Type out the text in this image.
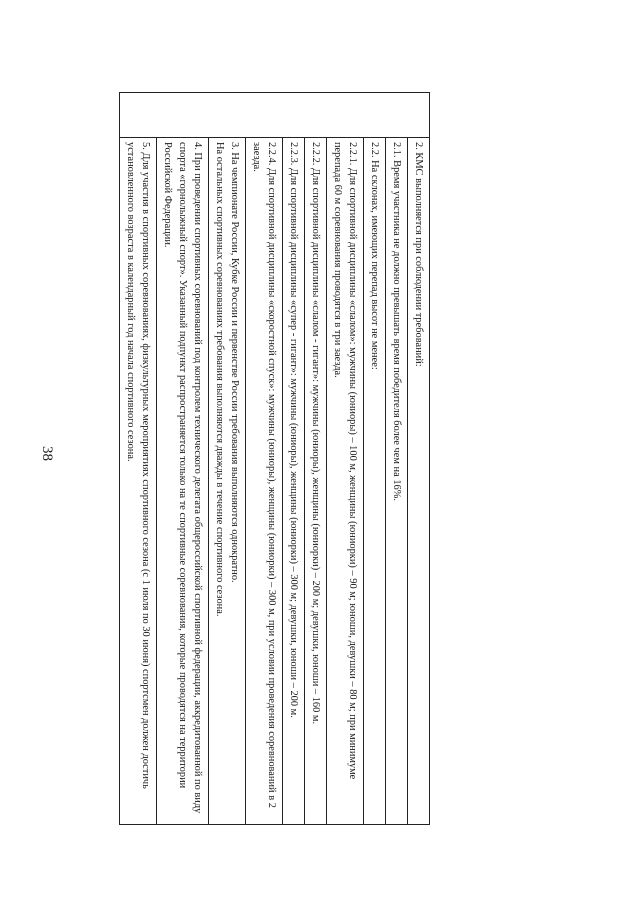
38

	2. КМС выполняется при соблюдении требований:

	2.1. Время участника не должно превышать время победителя более чем на 16%.

	2.2. На склонах, имеющих перепад высот не менее:

	2.2.1. Для спортивной дисциплины «слалом»: мужчины (юниоры) – 100 м, женщины (юниорки) – 90 м; юноши, девушки – 80 м; при минимуме перепада 60 м соревнования проводятся в три заезда.

	2.2.2. Для спортивной дисциплины «слалом - гигант»: мужчины (юниоры), женщины (юниорки) – 200 м; девушки, юноши – 160 м.

	2.2.3. Для спортивной дисциплины «супер - гигант»: мужчины (юниоры), женщины (юниорки) – 300 м; девушки, юноши – 200 м.

	2.2.4. Для спортивной дисциплины «скоростной спуск»: мужчины (юниоры), женщины (юниорки) – 300 м, при условии проведения соревнований в 2 заезда.

	3. На чемпионате России, Кубке России и первенстве России требования выполняются однократно.

На остальных спортивных соревнованиях требования выполняются дважды в течение спортивного сезона.

	4. При проведении спортивных соревнований под контролем технического делегата общероссийской спортивной федерации, аккредитованной по виду спорта «горнолыжный спорт». Указанный подпункт распространяется только на те спортивные соревнования, которые проводятся на территории Российской Федерации.

	5. Для участия в спортивных соревнованиях, физкультурных мероприятиях спортивного сезона (с 1 июля по 30 июня) спортсмен должен достичь установленного возраста в календарный год начала спортивного сезона.
